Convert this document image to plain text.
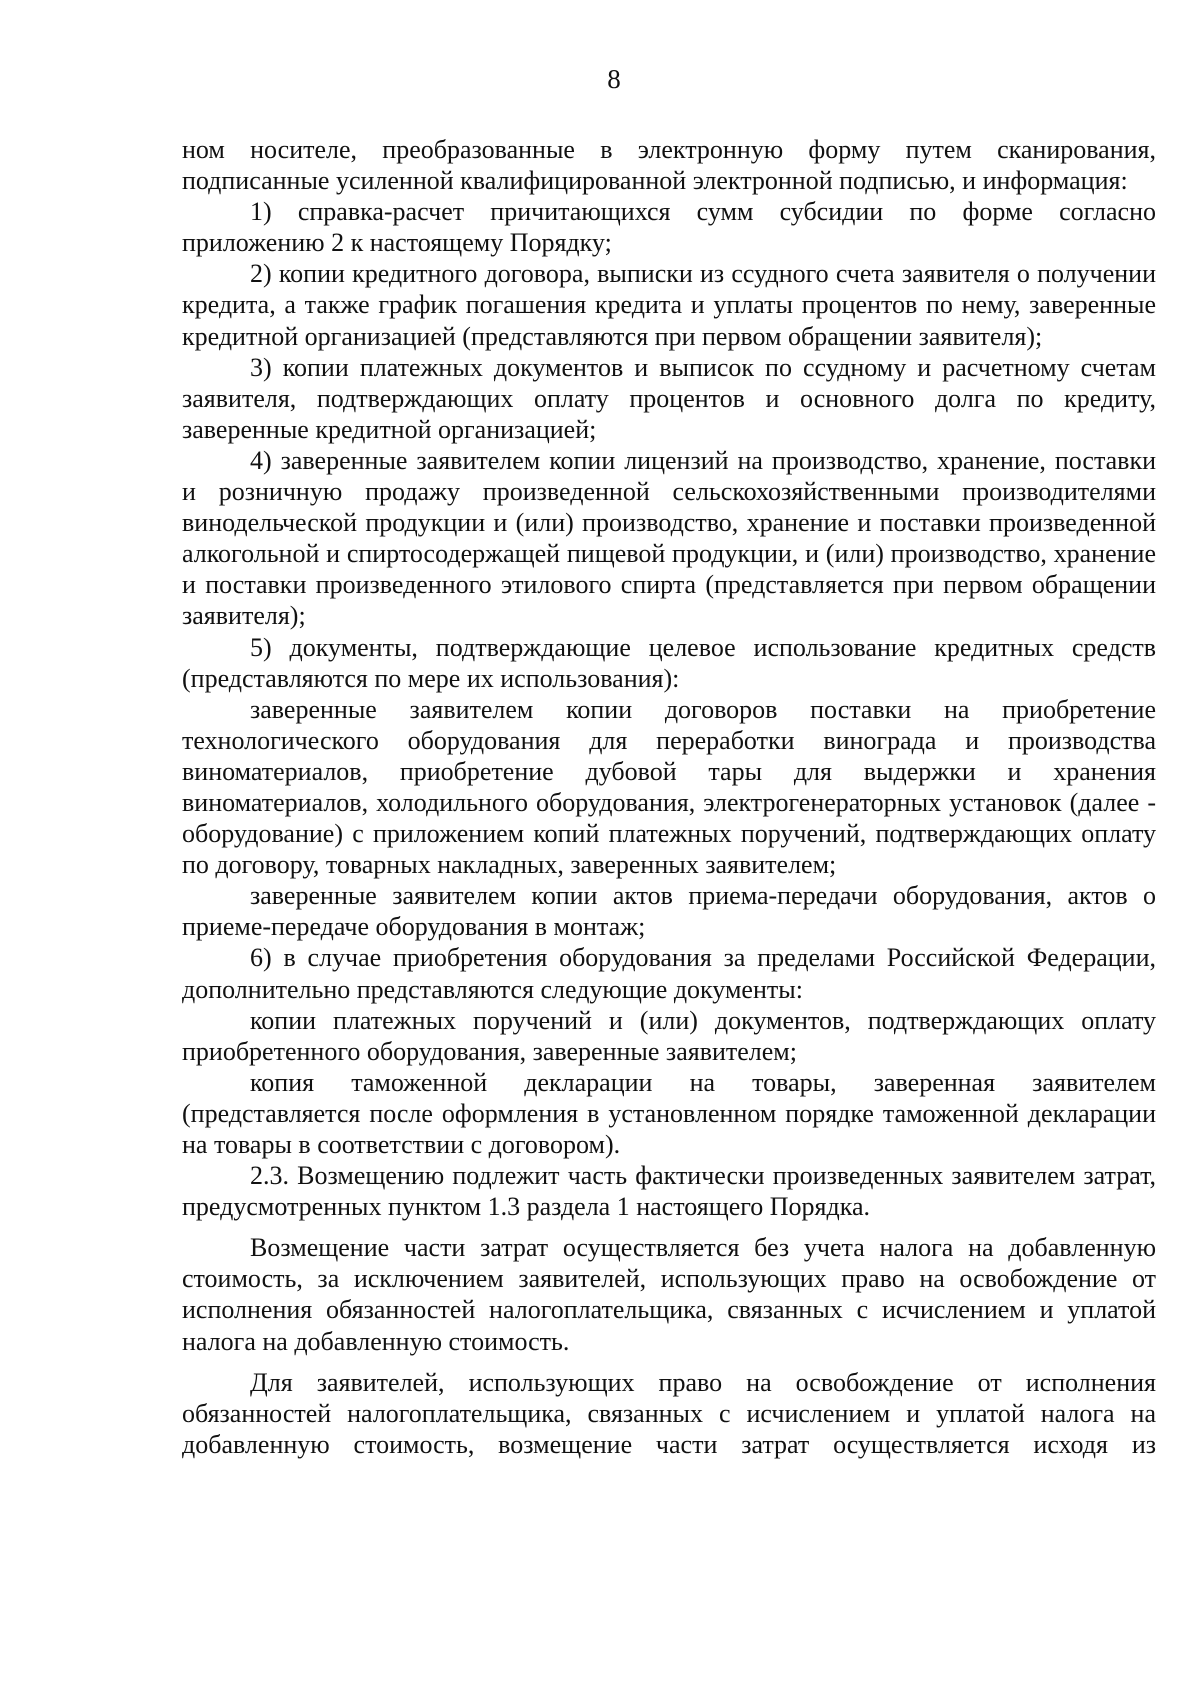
8

ном носителе, преобразованные в электронную форму путем сканирования, подписанные усиленной квалифицированной электронной подписью, и информация:

1) справка-расчет причитающихся сумм субсидии по форме согласно приложению 2 к настоящему Порядку;

2) копии кредитного договора, выписки из ссудного счета заявителя о получении кредита, а также график погашения кредита и уплаты процентов по нему, заверенные кредитной организацией (представляются при первом обращении заявителя);

3) копии платежных документов и выписок по ссудному и расчетному счетам заявителя, подтверждающих оплату процентов и основного долга по кредиту, заверенные кредитной организацией;

4) заверенные заявителем копии лицензий на производство, хранение, поставки и розничную продажу произведенной сельскохозяйственными производителями винодельческой продукции и (или) производство, хранение и поставки произведенной алкогольной и спиртосодержащей пищевой продукции, и (или) производство, хранение и поставки произведенного этилового спирта (представляется при первом обращении заявителя);

5) документы, подтверждающие целевое использование кредитных средств (представляются по мере их использования):

заверенные заявителем копии договоров поставки на приобретение технологического оборудования для переработки винограда и производства виноматериалов, приобретение дубовой тары для выдержки и хранения виноматериалов, холодильного оборудования, электрогенераторных установок (далее - оборудование) с приложением копий платежных поручений, подтверждающих оплату по договору, товарных накладных, заверенных заявителем;

заверенные заявителем копии актов приема-передачи оборудования, актов о приеме-передаче оборудования в монтаж;

6) в случае приобретения оборудования за пределами Российской Федерации, дополнительно представляются следующие документы:

копии платежных поручений и (или) документов, подтверждающих оплату приобретенного оборудования, заверенные заявителем;

копия таможенной декларации на товары, заверенная заявителем (представляется после оформления в установленном порядке таможенной декларации на товары в соответствии с договором).

2.3. Возмещению подлежит часть фактически произведенных заявителем затрат, предусмотренных пунктом 1.3 раздела 1 настоящего Порядка.

Возмещение части затрат осуществляется без учета налога на добавленную стоимость, за исключением заявителей, использующих право на освобождение от исполнения обязанностей налогоплательщика, связанных с исчислением и уплатой налога на добавленную стоимость.

Для заявителей, использующих право на освобождение от исполнения обязанностей налогоплательщика, связанных с исчислением и уплатой налога на добавленную стоимость, возмещение части затрат осуществляется исходя из
